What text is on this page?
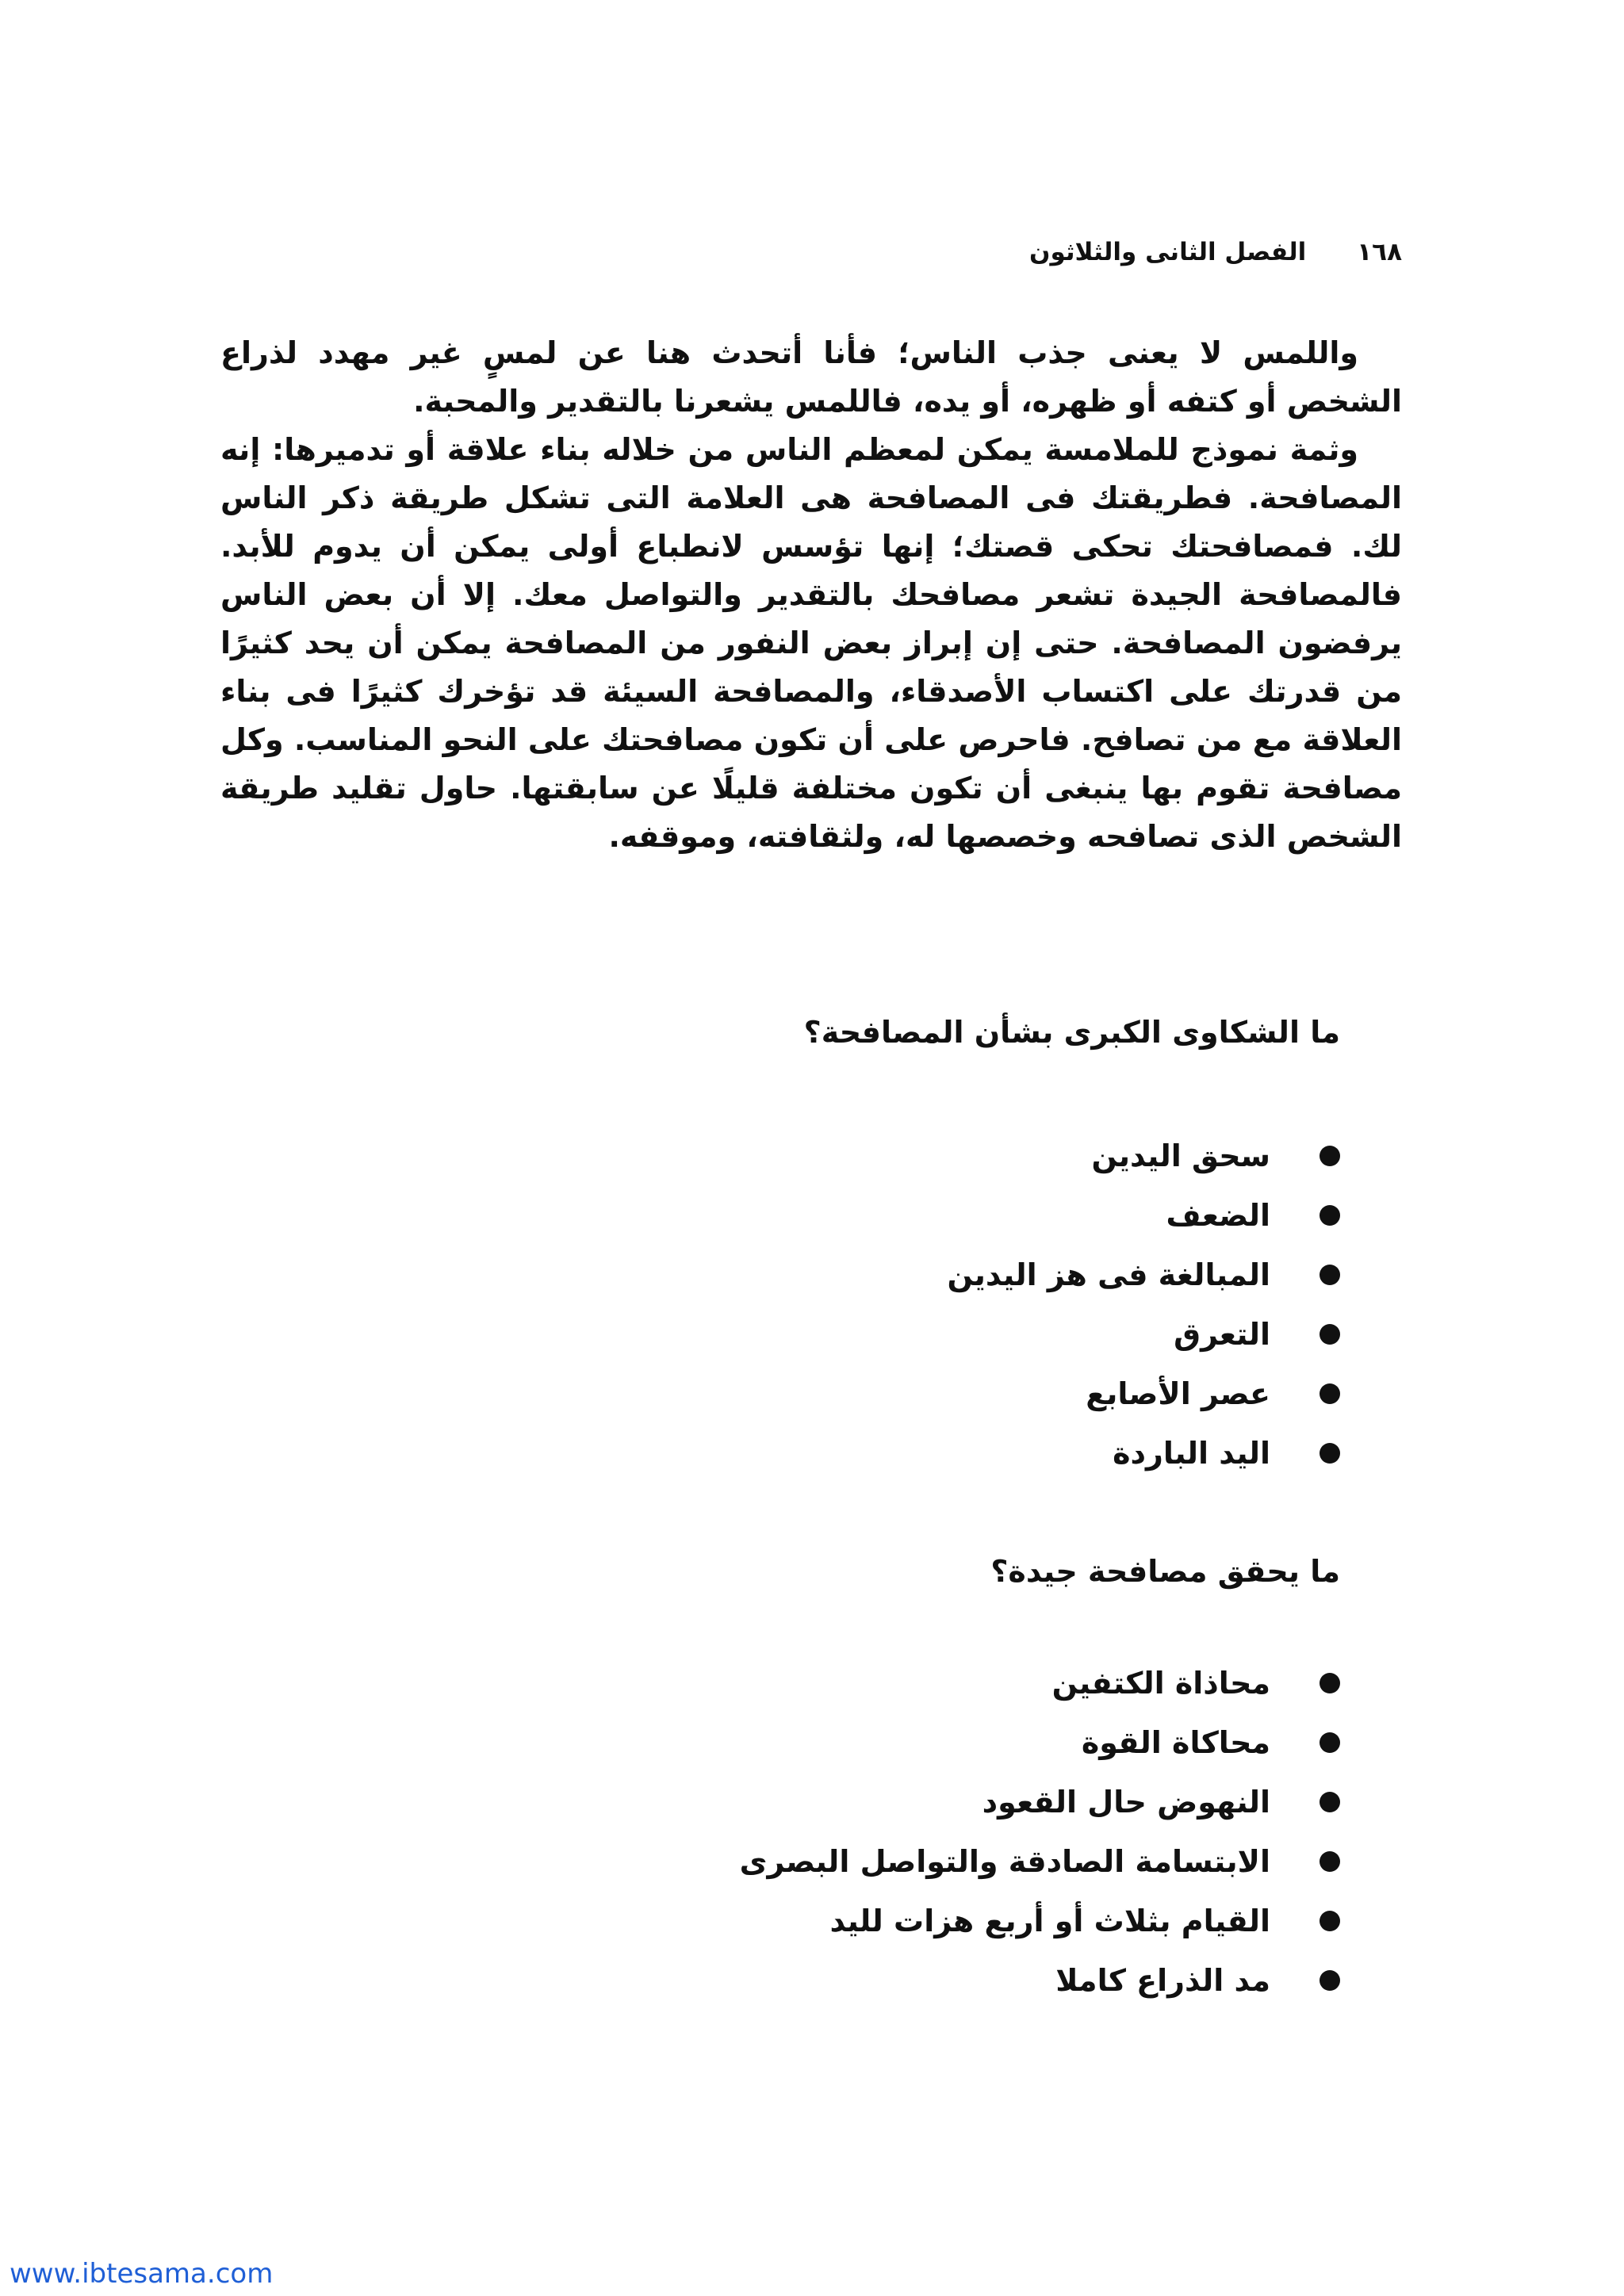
١٦٨
الفصل الثانى والثلاثون

واللمس لا يعنى جذب الناس؛ فأنا أتحدث هنا عن لمسٍ غير مهدد لذراع الشخص أو كتفه أو ظهره، أو يده، فاللمس يشعرنا بالتقدير والمحبة.

وثمة نموذج للملامسة يمكن لمعظم الناس من خلاله بناء علاقة أو تدميرها: إنه المصافحة. فطريقتك فى المصافحة هى العلامة التى تشكل طريقة ذكر الناس لك. فمصافحتك تحكى قصتك؛ إنها تؤسس لانطباع أولى يمكن أن يدوم للأبد. فالمصافحة الجيدة تشعر مصافحك بالتقدير والتواصل معك. إلا أن بعض الناس يرفضون المصافحة. حتى إن إبراز بعض النفور من المصافحة يمكن أن يحد كثيرًا من قدرتك على اكتساب الأصدقاء، والمصافحة السيئة قد تؤخرك كثيرًا فى بناء العلاقة مع من تصافح. فاحرص على أن تكون مصافحتك على النحو المناسب. وكل مصافحة تقوم بها ينبغى أن تكون مختلفة قليلًا عن سابقتها. حاول تقليد طريقة الشخص الذى تصافحه وخصصها له، ولثقافته، وموقفه.

ما الشكاوى الكبرى بشأن المصافحة؟
سحق اليدين
الضعف
المبالغة فى هز اليدين
التعرق
عصر الأصابع
اليد الباردة
ما يحقق مصافحة جيدة؟
محاذاة الكتفين
محاكاة القوة
النهوض حال القعود
الابتسامة الصادقة والتواصل البصرى
القيام بثلاث أو أربع هزات لليد
مد الذراع كاملا
www.ibtesama.com
